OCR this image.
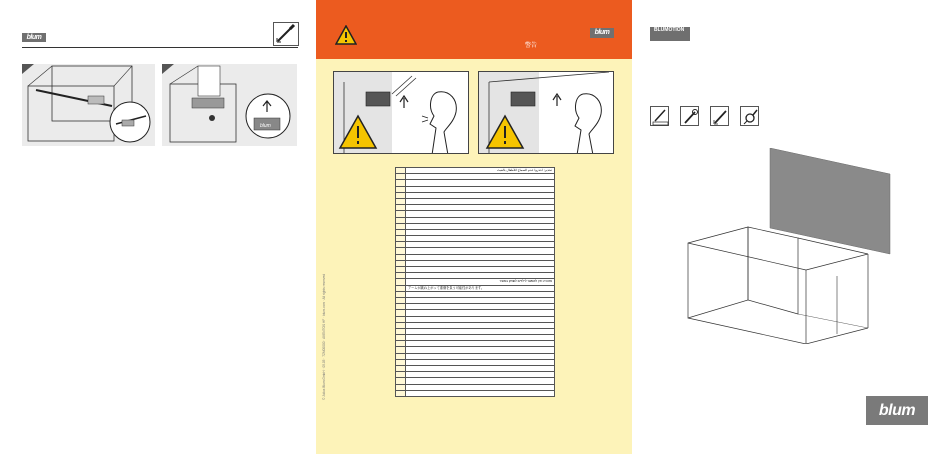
blum
blum
警告
blum
	تحذير: احذروا عدم السماح للأطفال بالعبث

	אזהרה: אין לאפשר לילדים לשחק במוצר
	アームが跳ね上がって重傷を負う可能性があります。

© Julius Blum GmbH · 05.05 · 7ZM00000 · AVENTOS HF · blum.com · All rights reserved
BLUMOTION
blum
